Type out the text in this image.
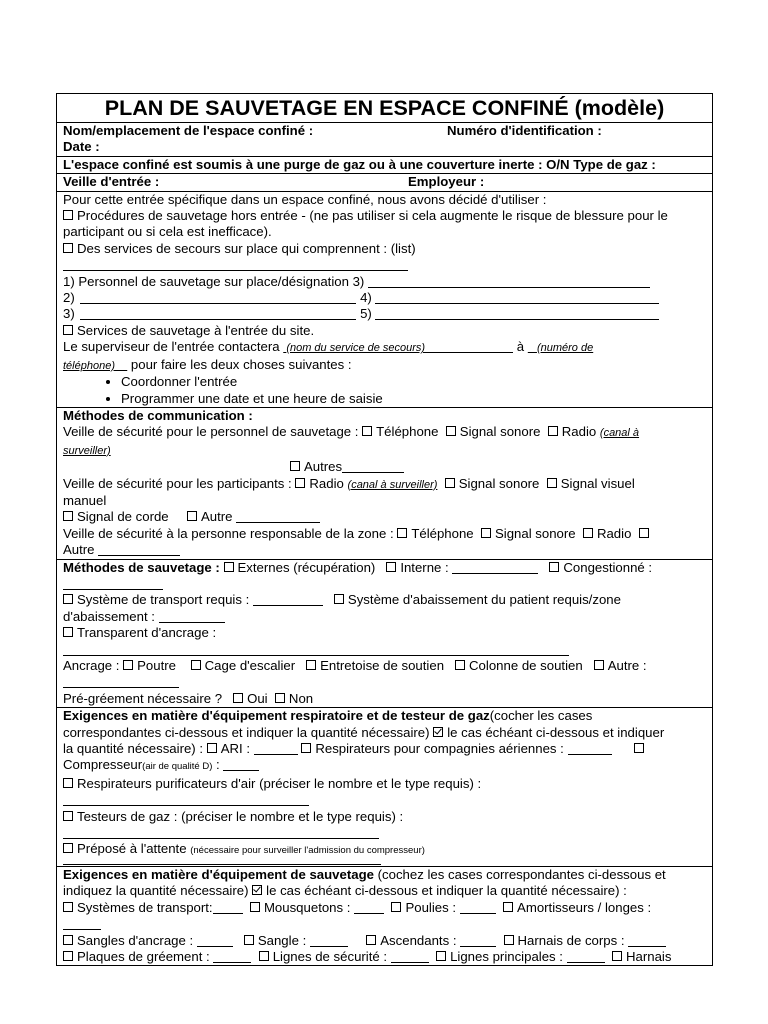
PLAN DE SAUVETAGE EN ESPACE CONFINÉ (modèle)
Nom/emplacement de l'espace confiné :	Numéro d'identification :
Date :
L'espace confiné est soumis à une purge de gaz ou à une couverture inerte : O/N Type de gaz :
Veille d'entrée :	Employeur :
Pour cette entrée spécifique dans un espace confiné, nous avons décidé d'utiliser :
Procédures de sauvetage hors entrée - (ne pas utiliser si cela augmente le risque de blessure pour le participant ou si cela est inefficace).
Des services de secours sur place qui comprennent : (list)
1) Personnel de sauvetage sur place/désignation 3)
2)	4)
3)	5)
Services de sauvetage à l'entrée du site.
Le superviseur de l'entrée contactera (nom du service de secours)	à (numéro de
téléphone) pour faire les deux choses suivantes :
• Coordonner l'entrée
• Programmer une date et une heure de saisie
Méthodes de communication :
Veille de sécurité pour le personnel de sauvetage : Téléphone Signal sonore Radio (canal à
surveiller)
Autres
Veille de sécurité pour les participants : Radio (canal à surveiller) Signal sonore Signal visuel
manuel
Signal de corde Autre
Veille de sécurité à la personne responsable de la zone : Téléphone Signal sonore Radio
Autre
Méthodes de sauvetage : Externes (récupération) Interne :	Congestionné :
Système de transport requis :	Système d'abaissement du patient requis/zone
d'abaissement :
Transparent d'ancrage :
Ancrage : Poutre Cage d'escalier Entretoise de soutien Colonne de soutien Autre :
Pré-gréement nécessaire ? Oui Non
Exigences en matière d'équipement respiratoire et de testeur de gaz(cocher les cases
correspondantes ci-dessous et indiquer la quantité nécessaire) le cas échéant ci-dessous et indiquer
la quantité nécessaire) : ARI :	Respirateurs pour compagnies aériennes :
Compresseur(air de qualité D) :
Respirateurs purificateurs d'air (préciser le nombre et le type requis) :
Testeurs de gaz : (préciser le nombre et le type requis) :
Préposé à l'attente (nécessaire pour surveiller l'admission du compresseur)
Exigences en matière d'équipement de sauvetage (cochez les cases correspondantes ci-dessous et
indiquez la quantité nécessaire) le cas échéant ci-dessous et indiquer la quantité nécessaire) :
Systèmes de transport:	Mousquetons :	Poulies :	Amortisseurs / longes :
Sangles d'ancrage :	Sangle :	Ascendants :	Harnais de corps :
Plaques de gréement :	Lignes de sécurité :	Lignes principales :	Harnais
